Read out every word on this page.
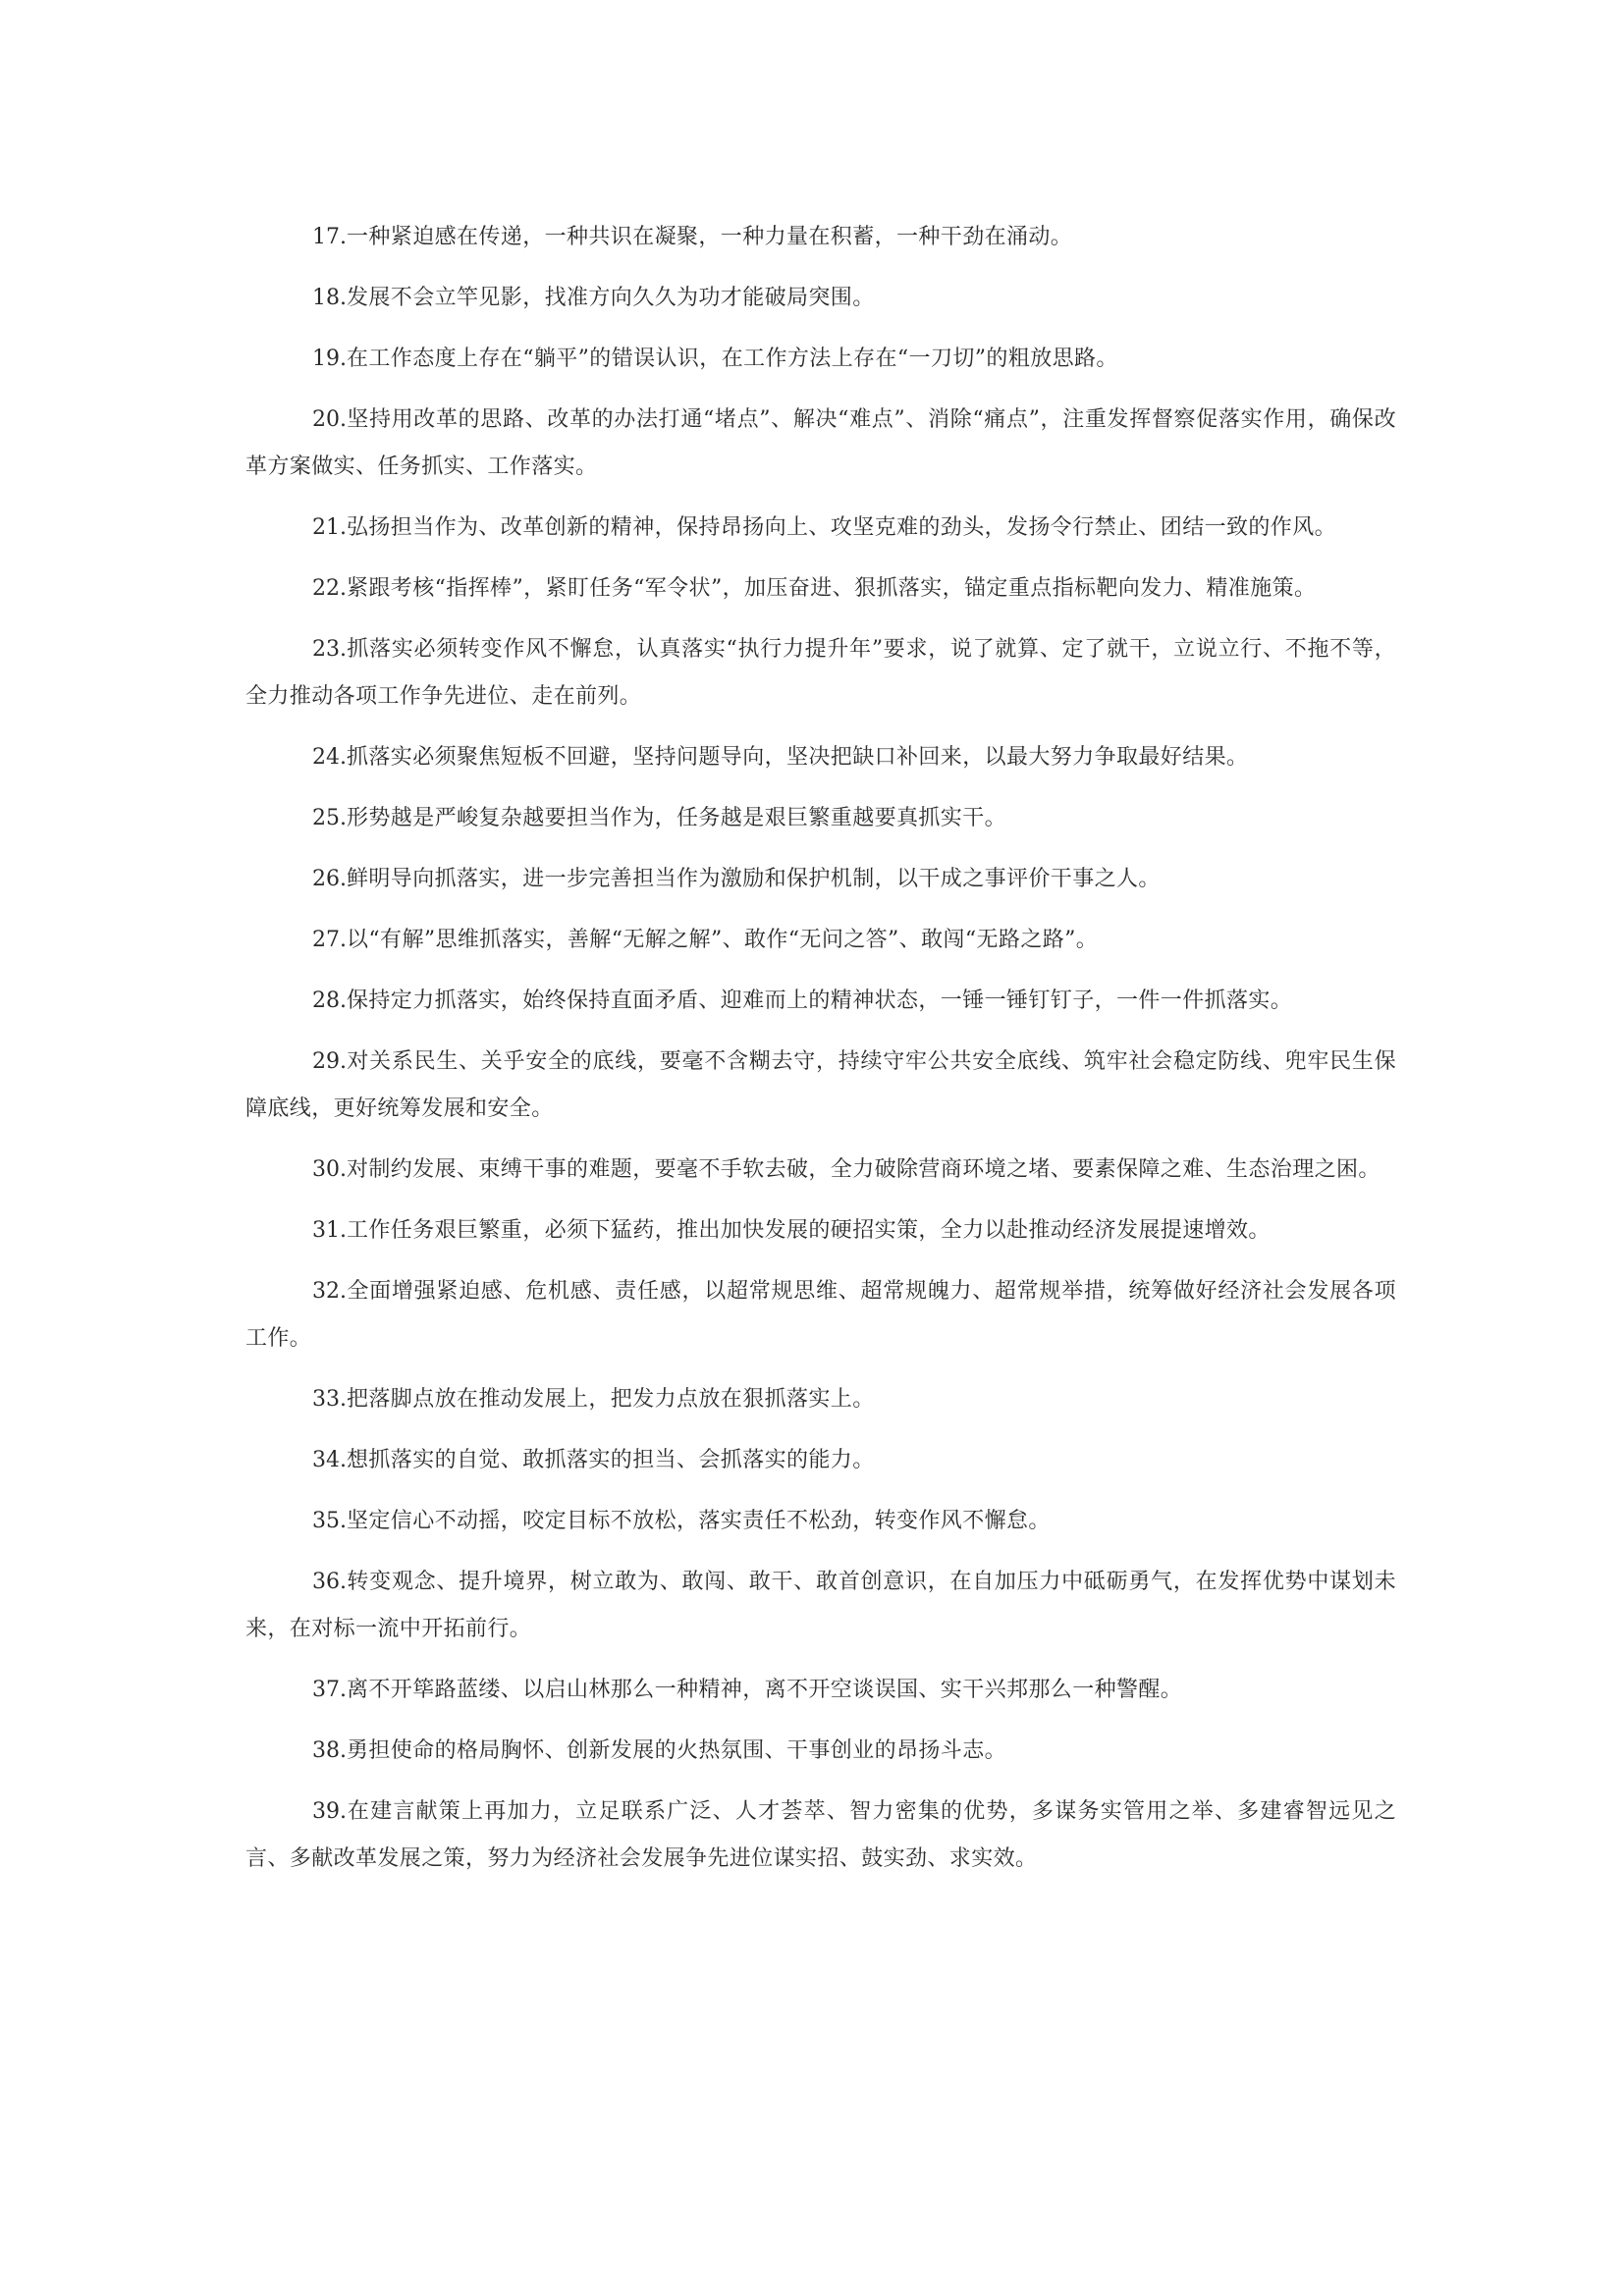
17.一种紧迫感在传递，一种共识在凝聚，一种力量在积蓄，一种干劲在涌动。

18.发展不会立竿见影，找准方向久久为功才能破局突围。

19.在工作态度上存在“躺平”的错误认识，在工作方法上存在“一刀切”的粗放思路。

20.坚持用改革的思路、改革的办法打通“堵点”、解决“难点”、消除“痛点”，注重发挥督察促落实作用，确保改革方案做实、任务抓实、工作落实。

21.弘扬担当作为、改革创新的精神，保持昂扬向上、攻坚克难的劲头，发扬令行禁止、团结一致的作风。

22.紧跟考核“指挥棒”，紧盯任务“军令状”，加压奋进、狠抓落实，锚定重点指标靶向发力、精准施策。

23.抓落实必须转变作风不懈怠，认真落实“执行力提升年”要求，说了就算、定了就干，立说立行、不拖不等，全力推动各项工作争先进位、走在前列。

24.抓落实必须聚焦短板不回避，坚持问题导向，坚决把缺口补回来，以最大努力争取最好结果。

25.形势越是严峻复杂越要担当作为，任务越是艰巨繁重越要真抓实干。

26.鲜明导向抓落实，进一步完善担当作为激励和保护机制，以干成之事评价干事之人。

27.以“有解”思维抓落实，善解“无解之解”、敢作“无问之答”、敢闯“无路之路”。

28.保持定力抓落实，始终保持直面矛盾、迎难而上的精神状态，一锤一锤钉钉子，一件一件抓落实。

29.对关系民生、关乎安全的底线，要毫不含糊去守，持续守牢公共安全底线、筑牢社会稳定防线、兜牢民生保障底线，更好统筹发展和安全。

30.对制约发展、束缚干事的难题，要毫不手软去破，全力破除营商环境之堵、要素保障之难、生态治理之困。

31.工作任务艰巨繁重，必须下猛药，推出加快发展的硬招实策，全力以赴推动经济发展提速增效。

32.全面增强紧迫感、危机感、责任感，以超常规思维、超常规魄力、超常规举措，统筹做好经济社会发展各项工作。

33.把落脚点放在推动发展上，把发力点放在狠抓落实上。

34.想抓落实的自觉、敢抓落实的担当、会抓落实的能力。

35.坚定信心不动摇，咬定目标不放松，落实责任不松劲，转变作风不懈怠。

36.转变观念、提升境界，树立敢为、敢闯、敢干、敢首创意识，在自加压力中砥砺勇气，在发挥优势中谋划未来，在对标一流中开拓前行。

37.离不开筚路蓝缕、以启山林那么一种精神，离不开空谈误国、实干兴邦那么一种警醒。

38.勇担使命的格局胸怀、创新发展的火热氛围、干事创业的昂扬斗志。

39.在建言献策上再加力，立足联系广泛、人才荟萃、智力密集的优势，多谋务实管用之举、多建睿智远见之言、多献改革发展之策，努力为经济社会发展争先进位谋实招、鼓实劲、求实效。
